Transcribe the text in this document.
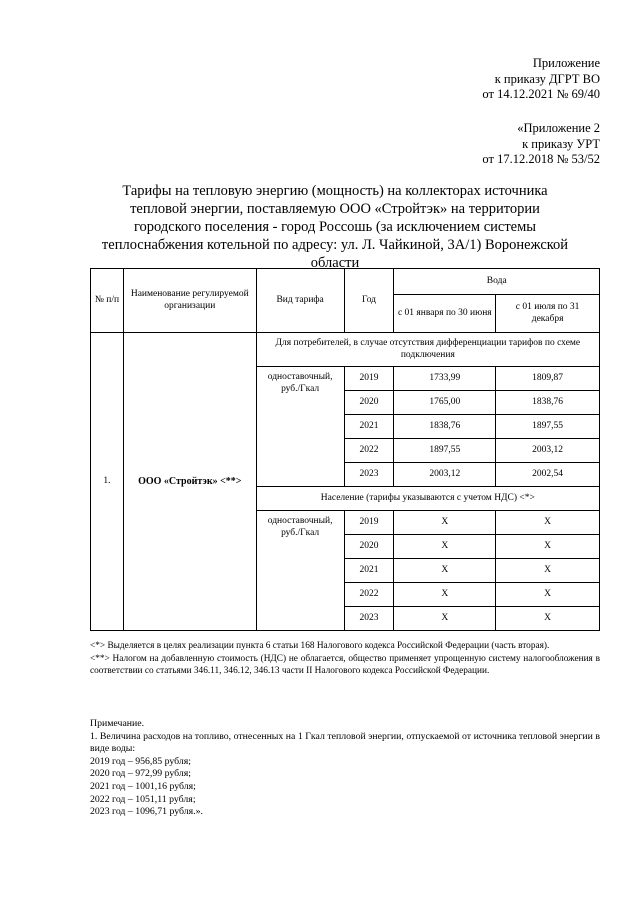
Приложение
к приказу ДГРТ ВО
от 14.12.2021 № 69/40
«Приложение 2
к приказу УРТ
от 17.12.2018 № 53/52
Тарифы на тепловую энергию (мощность) на коллекторах источника тепловой энергии, поставляемую ООО «Стройтэк» на территории городского поселения - город Россошь (за исключением системы теплоснабжения котельной по адресу: ул. Л. Чайкиной, 3А/1) Воронежской области
№ п/п	Наименование регулируемой организации	Вид тарифа	Год	Вода	
				с 01 января по 30 июня	с 01 июля по 31 декабря
1.	ООО «Стройтэк» <**>	Для потребителей, в случае отсутствия дифференциации тарифов по схеме подключения			
		одноставочный, руб./Гкал	2019	1733,99	1809,87
			2020	1765,00	1838,76
			2021	1838,76	1897,55
			2022	1897,55	2003,12
			2023	2003,12	2002,54
		Население (тарифы указываются с учетом НДС) <*>			
		одноставочный, руб./Гкал	2019	Х	Х
			2020	Х	Х
			2021	Х	Х
			2022	Х	Х
			2023	Х	Х

<*> Выделяется в целях реализации пункта 6 статьи 168 Налогового кодекса Российской Федерации (часть вторая).

<**> Налогом на добавленную стоимость (НДС) не облагается, общество применяет упрощенную систему налогообложения в соответствии со статьями 346.11, 346.12, 346.13 части II Налогового кодекса Российской Федерации.

Примечание.

1. Величина расходов на топливо, отнесенных на 1 Гкал тепловой энергии, отпускаемой от источника тепловой энергии в виде воды:

2019 год – 956,85 рубля;

2020 год – 972,99 рубля;

2021 год – 1001,16 рубля;

2022 год – 1051,11 рубля;

2023 год – 1096,71 рубля.».
